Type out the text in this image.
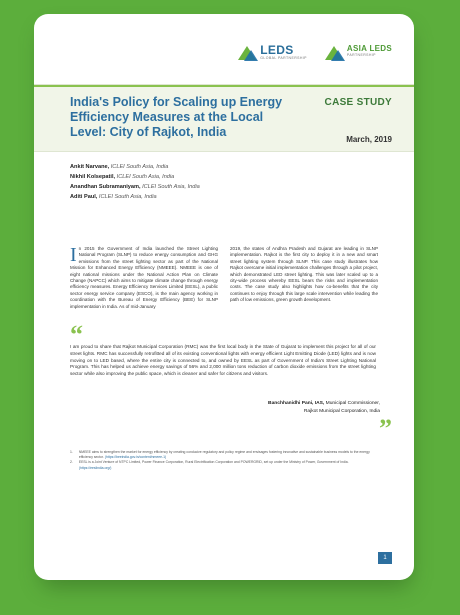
LEDS
GLOBAL PARTNERSHIP
ASIA LEDS
PARTNERSHIP
India's Policy for Scaling up Energy Efficiency Measures at the Local Level: City of Rajkot, India
CASE STUDY
March, 2019
Ankit Narvane, ICLEI South Asia, India
Nikhil Kolsepatil, ICLEI South Asia, India
Anandhan Subramaniyam, ICLEI South Asia, India
Aditi Paul, ICLEI South Asia, India
In 2015 the Government of India launched the Street Lighting National Program (SLNP) to reduce energy consumption and GHG emissions from the street lighting sector as part of the National Mission for Enhanced Energy Efficiency (NMEEE). NMEEE is one of eight national missions under the National Action Plan on Climate Change (NAPCC) which aims to mitigate climate change through energy efficiency measures. Energy Efficiency Services Limited (EESL), a public sector energy service company (ESCO), is the main agency working in coordination with the Bureau of Energy Efficiency (BEE) for SLNP implementation in India. As of mid-January
2019, the states of Andhra Pradesh and Gujarat are leading in SLNP implementation. Rajkot is the first city to deploy it in a new and smart street lighting system through SLNP. This case study illustrates how Rajkot overcame initial implementation challenges through a pilot project, which demonstrated LED street lighting. This was later scaled up to a city-wide process whereby EESL bears the risks and implementation costs. The case study also highlights how co-benefits that the city continues to enjoy through this large scale intervention while leading the path of low emissions, green growth development.
“
I am proud to share that Rajkot Municipal Corporation (RMC) was the first local body in the State of Gujarat to implement this project for all of our street lights. RMC has successfully retrofitted all of its existing conventional lights with energy efficient Light Emitting Diode (LED) lights and is now moving on to LED based, where the entire city is connected to, and owned by EESL as part of Government of India's Street Lighting National Program. This has helped us achieve energy savings of 56% and 2,000 million tons reduction of carbon dioxide emissions from the street lighting sector while also improving the public space, which is cleaner and safer for citizens and visitors.
Banchhanidhi Pani, IAS, Municipal Commissioner,
Rajkot Municipal Corporation, India
”
1. NMEEE aims to strengthen the market for energy efficiency by creating conducive regulatory and policy regime and envisages fostering innovative and sustainable business models to the energy efficiency sector. (https://beeindia.gov.in/content/nmeee-1)
2. EESL is a Joint Venture of NTPC Limited, Power Finance Corporation, Rural Electrification Corporation and POWERGRID, set up under the Ministry of Power, Government of India. (https://eeslindia.org/)
1
